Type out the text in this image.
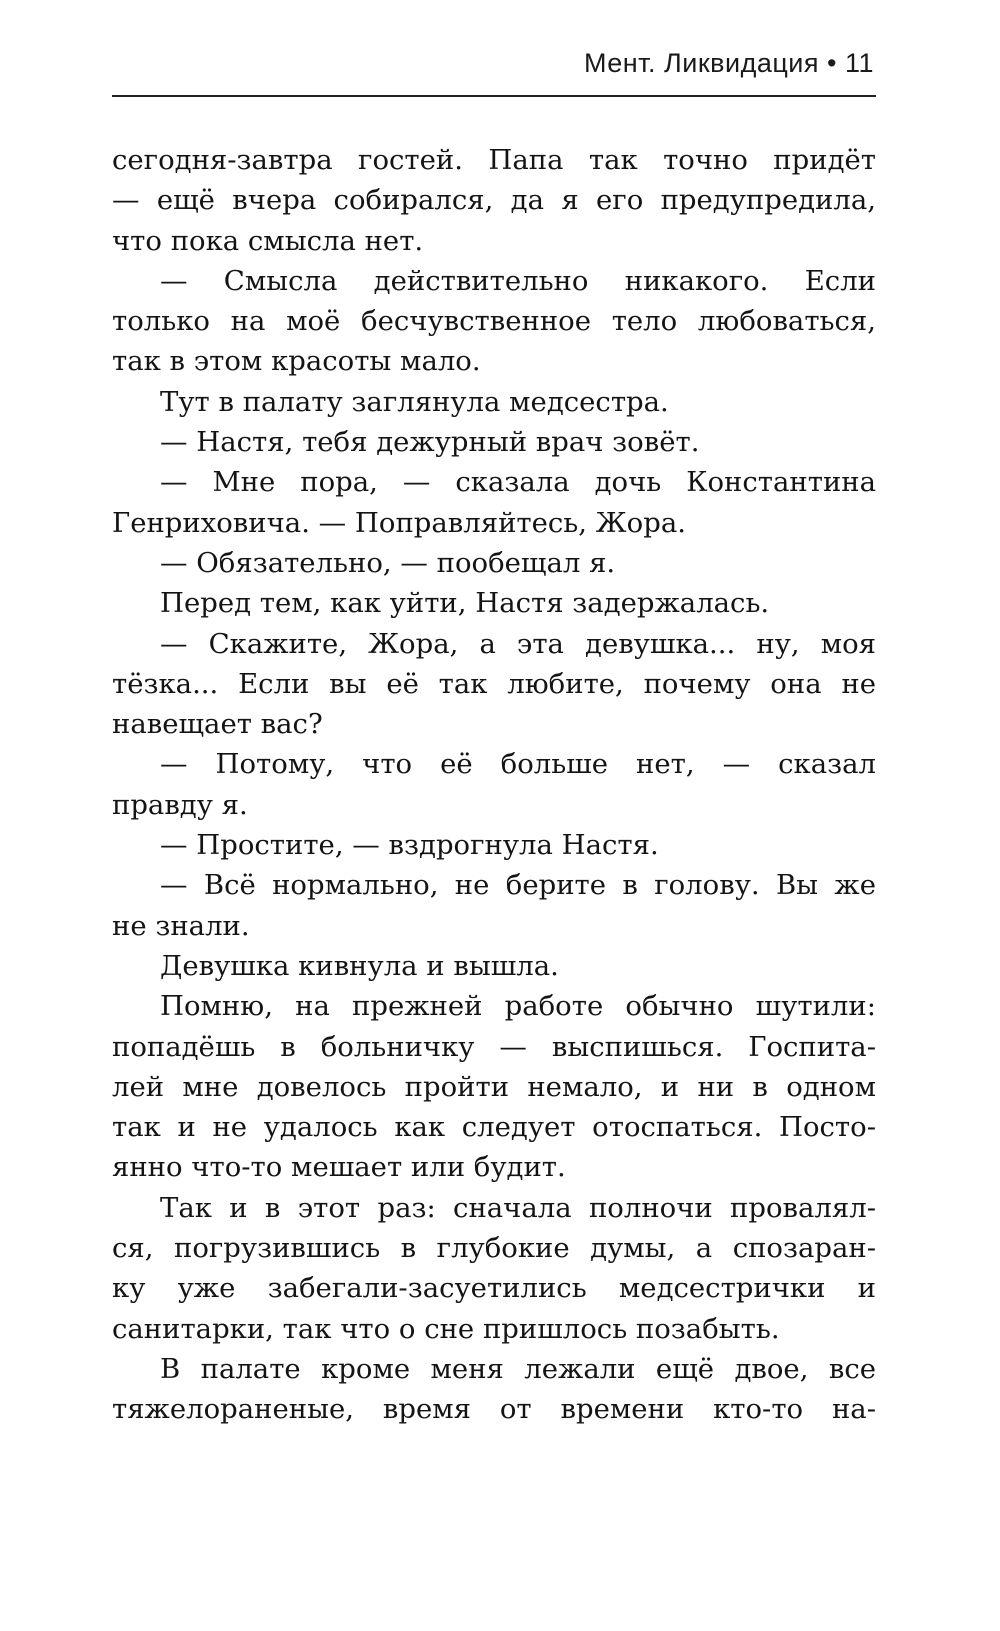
Мент. Ликвидация • 11
сегодня-завтра гостей. Папа так точно придёт
— ещё вчера собирался, да я его предупредила,
что пока смысла нет.
— Смысла действительно никакого. Если
только на моё бесчувственное тело любоваться,
так в этом красоты мало.
Тут в палату заглянула медсестра.
— Настя, тебя дежурный врач зовёт.
— Мне пора, — сказала дочь Константина
Генриховича. — Поправляйтесь, Жора.
— Обязательно, — пообещал я.
Перед тем, как уйти, Настя задержалась.
— Скажите, Жора, а эта девушка... ну, моя
тёзка... Если вы её так любите, почему она не
навещает вас?
— Потому, что её больше нет, — сказал
правду я.
— Простите, — вздрогнула Настя.
— Всё нормально, не берите в голову. Вы же
не знали.
Девушка кивнула и вышла.
Помню, на прежней работе обычно шутили:
попадёшь в больничку — выспишься. Госпита-
лей мне довелось пройти немало, и ни в одном
так и не удалось как следует отоспаться. Посто-
янно что-то мешает или будит.
Так и в этот раз: сначала полночи провалял-
ся, погрузившись в глубокие думы, а спозаран-
ку уже забегали-засуетились медсестрички и
санитарки, так что о сне пришлось позабыть.
В палате кроме меня лежали ещё двое, все
тяжелораненые, время от времени кто-то на-
